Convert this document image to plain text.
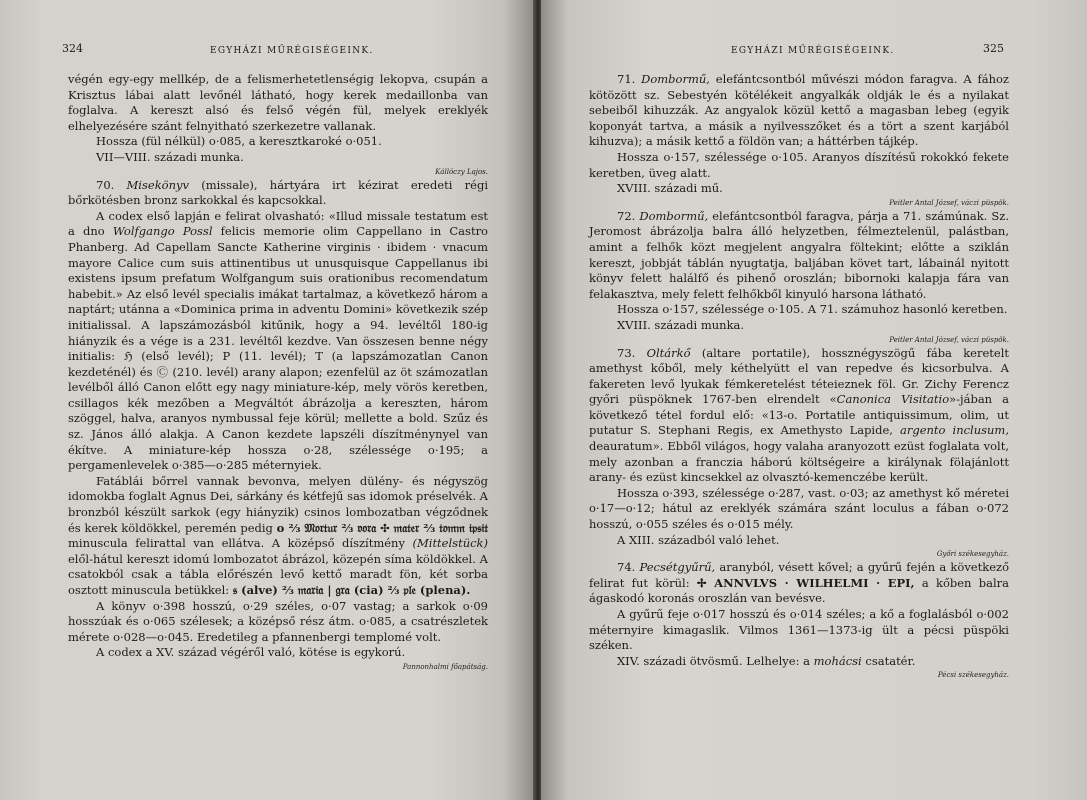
324	EGYHÁZI MŰRÉGISÉGEINK.

végén egy-egy mellkép, de a felismerhetetlenségig lekopva, csupán a Krisztus lábai alatt levőnél látható, hogy kerek medaillonba van foglalva. A kereszt alsó és felső végén fül, melyek ereklyék elhelyezésére szánt felnyitható szerkezetre vallanak.

Hossza (fül nélkül) o·085, a keresztkaroké o·051.

VII—VIII. századi munka.

Kállóczy Lajos.

70. Misekönyv (missale), hártyára irt kézirat eredeti régi bőrkötésben bronz sarkokkal és kapcsokkal.

A codex első lapján e felirat olvasható: «Illud missale testatum est a dno Wolfgango Possl felicis memorie olim Cappellano in Castro Phanberg. Ad Capellam Sancte Katherine virginis · ibidem · vnacum mayore Calice cum suis attinentibus ut unusquisque Cappellanus ibi existens ipsum prefatum Wolfgangum suis orationibus recomendatum habebit.» Az első levél specialis imákat tartalmaz, a következő három a naptárt; utánna a «Dominica prima in adventu Domini» következik szép initialissal. A lapszámozásból kitűnik, hogy a 94. levéltől 180-ig hiányzik és a vége is a 231. levéltől kezdve. Van összesen benne négy initialis: ℌ (első levél); P (11. levél); T (a lapszámozatlan Canon kezdeténél) és Ⓒ (210. levél) arany alapon; ezenfelül az öt számozatlan levélből álló Canon előtt egy nagy miniature-kép, mely vörös keretben, csillagos kék mezőben a Megváltót ábrázolja a kereszten, három szöggel, halva, aranyos nymbussal feje körül; mellette a bold. Szűz és sz. János álló alakja. A Canon kezdete lapszéli díszítménynyel van ékítve. A miniature-kép hossza o·28, szélessége o·195; a pergamenlevelek o·385—o·285 méternyiek.

Fatáblái bőrrel vannak bevonva, melyen dülény- és négyszög idomokba foglalt Agnus Dei, sárkány és kétfejű sas idomok préselvék. A bronzból készült sarkok (egy hiányzik) csinos lombozatban végződnek és kerek köldökkel, peremén pedig o ⅔ 𝔐𝔬𝔯𝔱𝔲𝔯 ⅔ 𝔳𝔬𝔯𝔞 ✣ 𝔪𝔞𝔱𝔢𝔯 ⅔ 𝔱𝔬𝔪𝔪 𝔦𝔭𝔰𝔦𝔱 minuscula felirattal van ellátva. A középső díszítmény (Mittelstück) elől-hátul kereszt idomú lombozatot ábrázol, közepén síma köldökkel. A csatokból csak a tábla előrészén levő kettő maradt fön, két sorba osztott minuscula betükkel: 𝔰 (alve) ⅔ 𝔪𝔞𝔯𝔦𝔞 | 𝔤𝔯𝔞 (cia) ⅔ 𝔭𝔩𝔢 (plena).

A könyv o·398 hosszú, o·29 széles, o·07 vastag; a sarkok o·09 hosszúak és o·065 szélesek; a középső rész átm. o·085, a csatrészletek mérete o·028—o·045. Eredetileg a pfannenbergi templomé volt.

A codex a XV. század végéről való, kötése is egykorú.

Pannonhalmi főapátság.

EGYHÁZI MŰRÉGISÉGEINK.	325

71. Dombormű, elefántcsontból művészi módon faragva. A fához kötözött sz. Sebestyén kötélékeit angyalkák oldják le és a nyilakat sebeiből kihuzzák. Az angyalok közül kettő a magasban lebeg (egyik koponyát tartva, a másik a nyilvesszőket és a tört a szent karjából kihuzva); a másik kettő a földön van; a háttérben tájkép.

Hossza o·157, szélessége o·105. Aranyos díszítésű rokokkó fekete keretben, üveg alatt.

XVIII. századi mű.

Peitler Antal József, váczi püspök.

72. Dombormű, elefántcsontból faragva, párja a 71. számúnak. Sz. Jeromost ábrázolja balra álló helyzetben, félmeztelenül, palástban, amint a felhők közt megjelent angyalra föltekint; előtte a sziklán kereszt, jobbját táblán nyugtatja, baljában követ tart, lábainál nyitott könyv felett halálfő és pihenő oroszlán; bibornoki kalapja fára van felakasztva, mely felett felhőkből kinyuló harsona látható.

Hossza o·157, szélessége o·105. A 71. számuhoz hasonló keretben.

XVIII. századi munka.

Peitler Antal József, váczi püspök.

73. Oltárkő (altare portatile), hossznégyszögű fába keretelt amethyst kőből, mely kéthelyütt el van repedve és kicsorbulva. A fakereten levő lyukak fémkeretelést téteieznek föl. Gr. Zichy Ferencz győri püspöknek 1767-ben elrendelt «Canonica Visitatio»-jában a következő tétel fordul elő: «13-o. Portatile antiquissimum, olim, ut putatur S. Stephani Regis, ex Amethysto Lapide, argento inclusum, deauratum». Ebből világos, hogy valaha aranyozott ezüst foglalata volt, mely azonban a franczia háború költségeire a királynak fölajánlott arany- és ezüst kincsekkel az olvasztó-kemenczébe került.

Hossza o·393, szélessége o·287, vast. o·03; az amethyst kő méretei o·17—o·12; hátul az ereklyék számára szánt loculus a fában o·072 hosszú, o·055 széles és o·015 mély.

A XIII. századból való lehet.

Győri székesegyház.

74. Pecsétgyűrű, aranyból, vésett kővel; a gyűrű fején a következő felirat fut körül: ✢ ANNVLVS · WILHELMI · EPI, a kőben balra ágaskodó koronás oroszlán van bevésve.

A gyűrű feje o·017 hosszú és o·014 széles; a kő a foglalásból o·002 méternyire kimagaslik. Vilmos 1361—1373-ig ült a pécsi püspöki széken.

XIV. századi ötvösmű. Lelhelye: a mohácsi csatatér.

Pécsi székesegyház.
